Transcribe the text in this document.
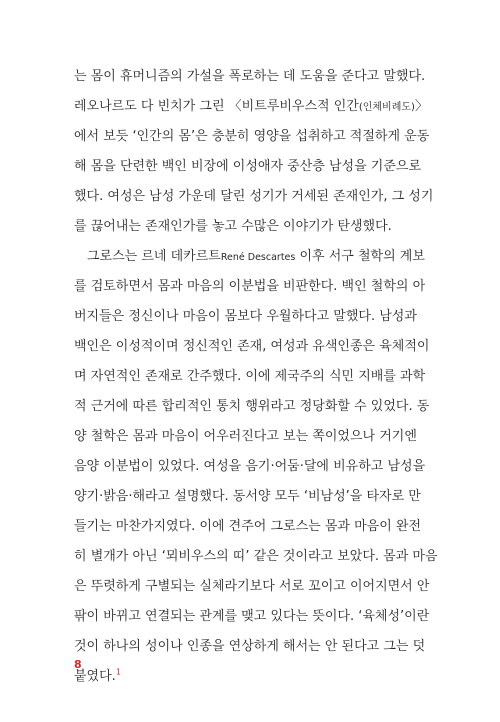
는 몸이 휴머니즘의 가설을 폭로하는 데 도움을 준다고 말했다.
레오나르도 다 빈치가 그린 〈비트루비우스적 인간(인체비례도)〉
에서 보듯 ‘인간의 몸’은 충분히 영양을 섭취하고 적절하게 운동
해 몸을 단련한 백인 비장에 이성애자 중산층 남성을 기준으로
했다. 여성은 남성 가운데 달린 성기가 거세된 존재인가, 그 성기
를 끊어내는 존재인가를 놓고 수많은 이야기가 탄생했다.
그로스는 르네 데카르트René Descartes 이후 서구 철학의 계보
를 검토하면서 몸과 마음의 이분법을 비판한다. 백인 철학의 아
버지들은 정신이나 마음이 몸보다 우월하다고 말했다. 남성과
백인은 이성적이며 정신적인 존재, 여성과 유색인종은 육체적이
며 자연적인 존재로 간주했다. 이에 제국주의 식민 지배를 과학
적 근거에 따른 합리적인 통치 행위라고 정당화할 수 있었다. 동
양 철학은 몸과 마음이 어우러진다고 보는 쪽이었으나 거기엔
음양 이분법이 있었다. 여성을 음기·어둠·달에 비유하고 남성을
양기·밝음·해라고 설명했다. 동서양 모두 ‘비남성’을 타자로 만
들기는 마찬가지였다. 이에 견주어 그로스는 몸과 마음이 완전
히 별개가 아닌 ‘뫼비우스의 띠’ 같은 것이라고 보았다. 몸과 마음
은 뚜렷하게 구별되는 실체라기보다 서로 꼬이고 이어지면서 안
팎이 바뀌고 연결되는 관계를 맺고 있다는 뜻이다. ‘육체성’이란
것이 하나의 성이나 인종을 연상하게 해서는 안 된다고 그는 덧
붙였다.$^1$
8
